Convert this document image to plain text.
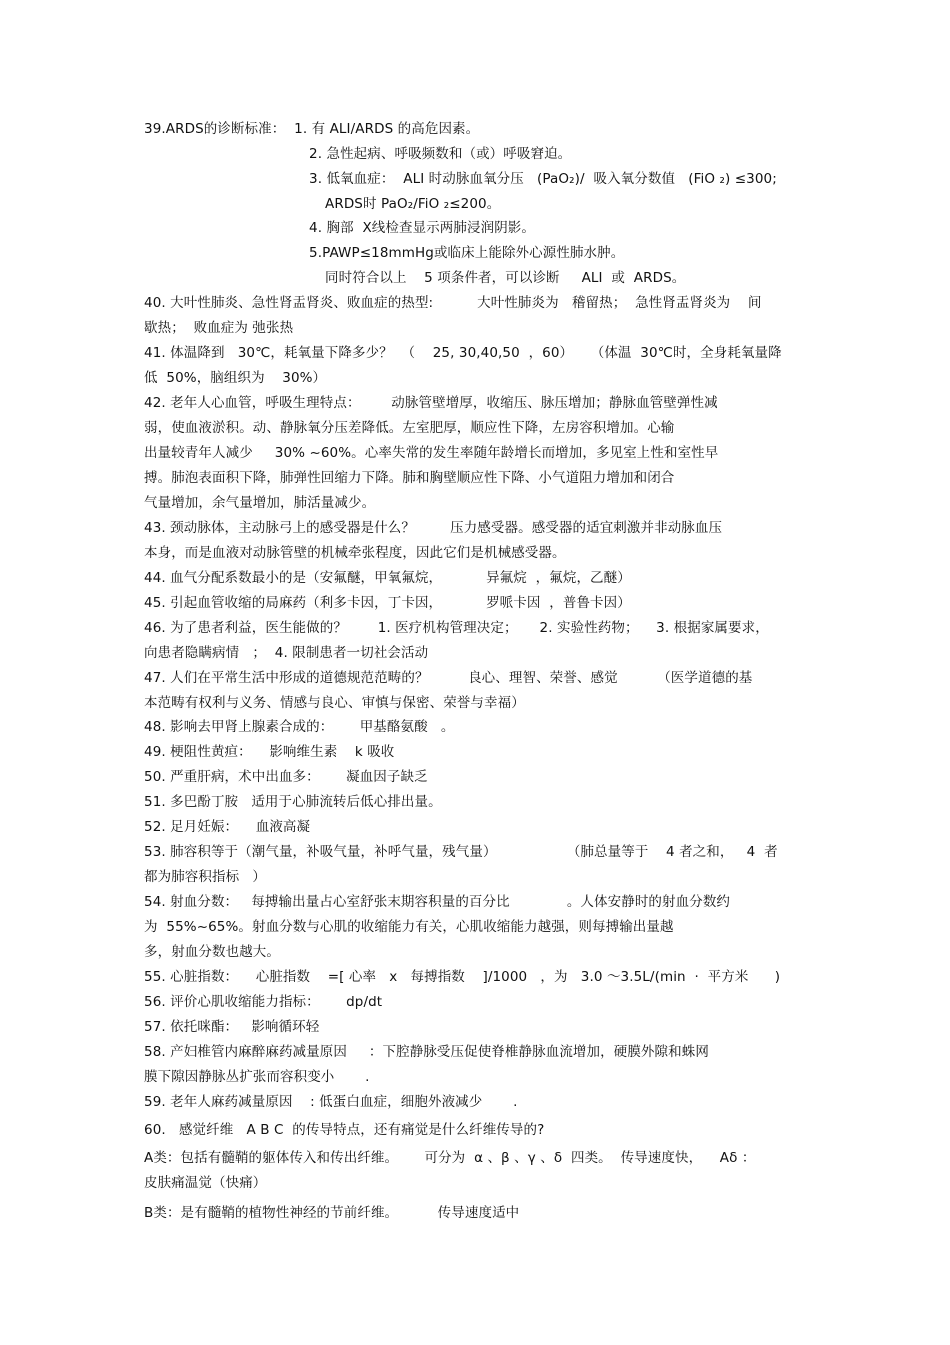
39.ARDS的诊断标准：  1. 有 ALI/ARDS 的高危因素。
2. 急性起病、呼吸频数和（或）呼吸窘迫。
3. 低氧血症：  ALI 时动脉血氧分压   (PaO₂)/  吸入氧分数值   (FiO ₂) ≤300;
ARDS时 PaO₂/FiO ₂≤200。
4. 胸部  X线检查显示两肺浸润阴影。
5.PAWP≤18mmHg或临床上能除外心源性肺水肿。
同时符合以上    5 项条件者，可以诊断     ALI  或  ARDS。
40. 大叶性肺炎、急性肾盂肾炎、败血症的热型:          大叶性肺炎为   稽留热；  急性肾盂肾炎为    间
歇热；  败血症为 弛张热
41. 体温降到   30℃，耗氧量下降多少？  （    25, 30,40,50  ，60）    （体温  30℃时，全身耗氧量降
低  50%，脑组织为    30%）
42. 老年人心血管，呼吸生理特点：       动脉管壁增厚，收缩压、脉压增加；静脉血管壁弹性减
弱，使血液淤积。动、静脉氧分压差降低。左室肥厚，顺应性下降，左房容积增加。心输
出量较青年人减少     30% ~60%。心率失常的发生率随年龄增长而增加，多见室上性和室性早
搏。肺泡表面积下降，肺弹性回缩力下降。肺和胸壁顺应性下降、小气道阻力增加和闭合
气量增加，余气量增加，肺活量减少。
43. 颈动脉体，主动脉弓上的感受器是什么？        压力感受器。感受器的适宜刺激并非动脉血压
本身，而是血液对动脉管壁的机械牵张程度，因此它们是机械感受器。
44. 血气分配系数最小的是（安氟醚，甲氧氟烷，          异氟烷  ，氟烷，乙醚）
45. 引起血管收缩的局麻药（利多卡因，丁卡因，          罗哌卡因  ，普鲁卡因）
46. 为了患者利益，医生能做的？       1. 医疗机构管理决定；     2. 实验性药物；    3. 根据家属要求，
向患者隐瞒病情   ；  4. 限制患者一切社会活动
47. 人们在平常生活中形成的道德规范范畴的？         良心、理智、荣誉、感觉         （医学道德的基
本范畴有权利与义务、情感与良心、审慎与保密、荣誉与幸福）
48. 影响去甲肾上腺素合成的：      甲基酪氨酸   。
49. 梗阻性黄疸：    影响维生素    k 吸收
50. 严重肝病，术中出血多：      凝血因子缺乏
51. 多巴酚丁胺   适用于心肺流转后低心排出量。
52. 足月妊娠：    血液高凝
53. 肺容积等于（潮气量，补吸气量，补呼气量，残气量）                （肺总量等于    4 者之和，   4  者
都为肺容积指标   ）
54. 射血分数：   每搏输出量占心室舒张末期容积量的百分比             。人体安静时的射血分数约
为  55%~65%。射血分数与心肌的收缩能力有关，心肌收缩能力越强，则每搏输出量越
多，射血分数也越大。
55. 心脏指数：    心脏指数    =[ 心率   x   每搏指数    ]/1000   ，为   3.0 ～3.5L/(min  ·  平方米      )
56. 评价心肌收缩能力指标：      dp/dt
57. 依托咪酯：   影响循环轻
58. 产妇椎管内麻醉麻药减量原因     ：下腔静脉受压促使脊椎静脉血流增加，硬膜外隙和蛛网
膜下隙因静脉丛扩张而容积变小       .
59. 老年人麻药减量原因    : 低蛋白血症，细胞外液减少       .
60.   感觉纤维   A B C  的传导特点，还有痛觉是什么纤维传导的?
A类：包括有髓鞘的躯体传入和传出纤维。      可分为  α 、β 、γ 、δ  四类。  传导速度快，    Aδ ：
皮肤痛温觉（快痛）
B类：是有髓鞘的植物性神经的节前纤维。         传导速度适中
